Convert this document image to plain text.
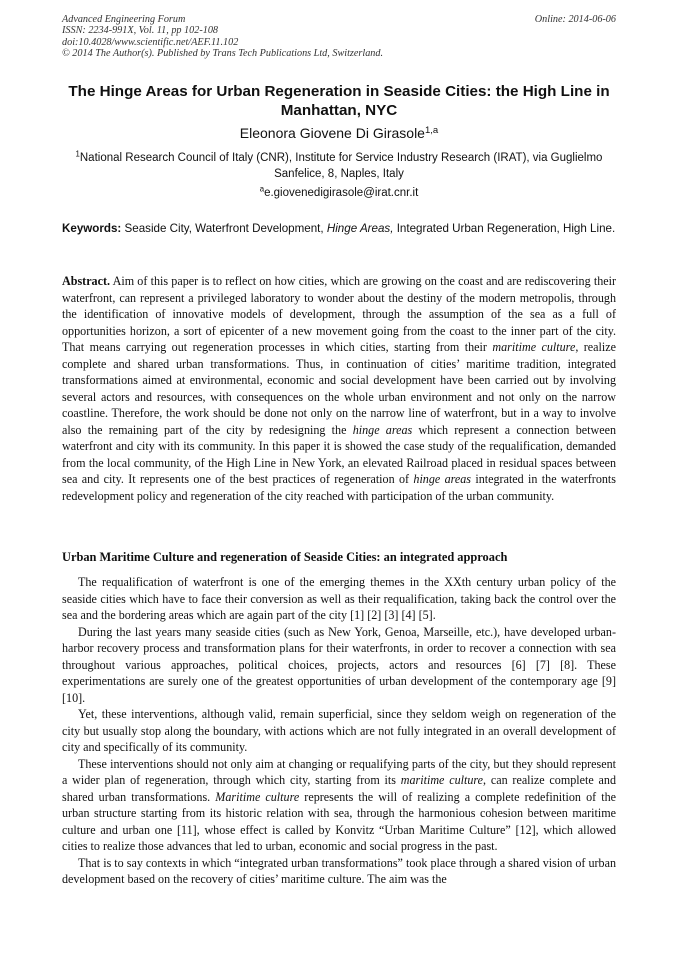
Advanced Engineering Forum
ISSN: 2234-991X, Vol. 11, pp 102-108
doi:10.4028/www.scientific.net/AEF.11.102
© 2014 The Author(s). Published by Trans Tech Publications Ltd, Switzerland.
Online: 2014-06-06
The Hinge Areas for Urban Regeneration in Seaside Cities: the High Line in Manhattan, NYC
Eleonora Giovene Di Girasole$^{1,a}$
$^1$National Research Council of Italy (CNR), Institute for Service Industry Research (IRAT), via Guglielmo Sanfelice, 8, Naples, Italy
$^a$e.giovenedigirasole@irat.cnr.it
Keywords: Seaside City, Waterfront Development, Hinge Areas, Integrated Urban Regeneration, High Line.
Abstract. Aim of this paper is to reflect on how cities, which are growing on the coast and are rediscovering their waterfront, can represent a privileged laboratory to wonder about the destiny of the modern metropolis, through the identification of innovative models of development, through the assumption of the sea as a full of opportunities horizon, a sort of epicenter of a new movement going from the coast to the inner part of the city. That means carrying out regeneration processes in which cities, starting from their maritime culture, realize complete and shared urban transformations. Thus, in continuation of cities’ maritime tradition, integrated transformations aimed at environmental, economic and social development have been carried out by involving several actors and resources, with consequences on the whole urban environment and not only on the narrow coastline. Therefore, the work should be done not only on the narrow line of waterfront, but in a way to involve also the remaining part of the city by redesigning the hinge areas which represent a connection between waterfront and city with its community. In this paper it is showed the case study of the requalification, demanded from the local community, of the High Line in New York, an elevated Railroad placed in residual spaces between sea and city. It represents one of the best practices of regeneration of hinge areas integrated in the waterfronts redevelopment policy and regeneration of the city reached with participation of the urban community.
Urban Maritime Culture and regeneration of Seaside Cities: an integrated approach

The requalification of waterfront is one of the emerging themes in the XXth century urban policy of the seaside cities which have to face their conversion as well as their requalification, taking back the control over the sea and the bordering areas which are again part of the city [1] [2] [3] [4] [5].

During the last years many seaside cities (such as New York, Genoa, Marseille, etc.), have developed urban-harbor recovery process and transformation plans for their waterfronts, in order to recover a connection with sea throughout various approaches, political choices, projects, actors and resources [6] [7] [8]. These experimentations are surely one of the greatest opportunities of urban development of the contemporary age [9] [10].

Yet, these interventions, although valid, remain superficial, since they seldom weigh on regeneration of the city but usually stop along the boundary, with actions which are not fully integrated in an overall development of city and specifically of its community.

These interventions should not only aim at changing or requalifying parts of the city, but they should represent a wider plan of regeneration, through which city, starting from its maritime culture, can realize complete and shared urban transformations. Maritime culture represents the will of realizing a complete redefinition of the urban structure starting from its historic relation with sea, through the harmonious cohesion between maritime culture and urban one [11], whose effect is called by Konvitz “Urban Maritime Culture” [12], which allowed cities to realize those advances that led to urban, economic and social progress in the past.

That is to say contexts in which “integrated urban transformations” took place through a shared vision of urban development based on the recovery of cities’ maritime culture. The aim was the
